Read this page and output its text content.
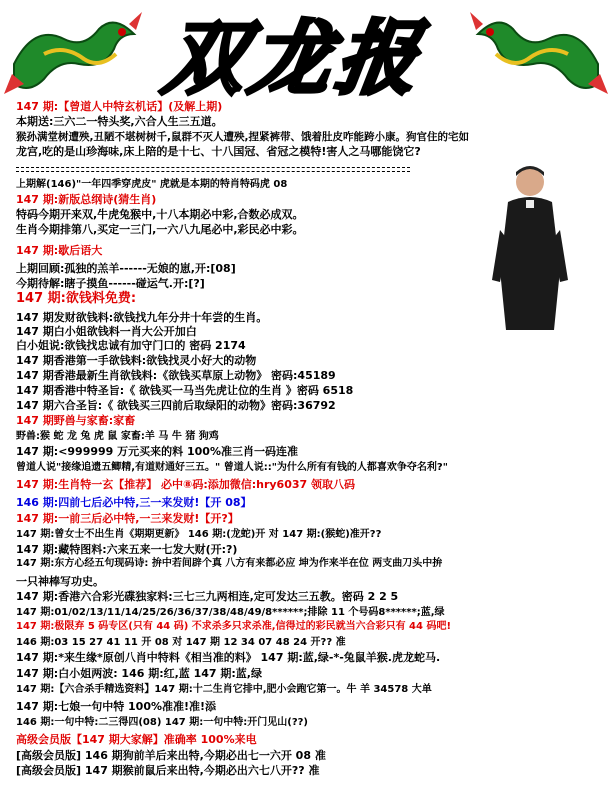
双龙报
147 期:【曾道人中特玄机话】(及解上期)
本期送:三六二一特头奖,六合人生三五道。
猴孙满堂树遭殃,丑陋不堪树树千,鼠群不灭人遭殃,捏紧裤带、饿着肚皮咋能跨小康。狗官住的宅如
龙宫,吃的是山珍海味,床上陪的是十七、十八国冠、省冠之模特!害人之马哪能饶它?
上期解(146)"一年四季穿虎皮" 虎就是本期的特肖特码虎 08
147 期:新版总纲诗(猜生肖)
特码今期开来双,牛虎兔猴中,十八本期必中彩,合数必成双。
生肖今期排第八,买定一三门,一六八九尾必中,彩民必中彩。
147 期:歇后语大
上期回顾:孤独的羔羊------无娘的崽,开:[08]
今期待解:瞎子摸鱼------碰运气.开:[?]
147 期:欲钱料免费:
147 期发财欲钱料:欲钱找九年分井十年尝的生肖。
147 期白小姐欲钱料一肖大公开加白
白小姐说:欲钱找忠诚有加守门口的 密码 2174
147 期香港第一手欲钱料:欲钱找灵小好大的动物
147 期香港最新生肖欲钱料:《欲钱买草原上动物》 密码:45189
147 期香港中特圣旨:《 欲钱买一马当先虎让位的生肖 》密码 6518
147 期六合圣旨:《 欲钱买三四前后取绿阳的动物》密码:36792
147 期野兽与家畜:家畜
野兽:猴 蛇 龙 兔 虎 鼠 家畜:羊 马 牛 猪 狗鸡
147 期:<999999 万元买来的料 100%准三肖一码连准
曾道人说"接缘追遗五鲫精,有道财通好三五。" 曾道人说::"为什么所有有钱的人都喜欢争夺名利?"
147 期:生肖特一玄【推荐】 必中⑧码:添加微信:hry6037 领取八码
146 期:四前七后必中特,三一来发财!【开 08】
147 期:一前三后必中特,一三来发财!【开?】
147 期:曾女士不出生肖《期期更新》 146 期:(龙蛇)开 对 147 期:(猴蛇)准开??
147 期:藏特图料:六来五来一七发大财(开:?)
147 期:东方心经五句现码诗: 拚中若间辟个真 八方有来都必应 坤为作来半在位 两支曲刀头中拚
一只神棒写功史。
147 期:香港六合彩光碟独家料:三七三九两相连,定可发达三五教。密码 2 2 5
147 期:01/02/13/11/14/25/26/36/37/38/48/49/8******;排除 11 个号码8******;蓝,绿
147 期:极限弃 5 码专区(只有 44 码) 不求杀多只求杀准,信得过的彩民就当六合彩只有 44 码吧!
146 期:03 15 27 41 11 开 08 对 147 期 12 34 07 48 24 开?? 准
147 期:*来生缘*原创八肖中特料《相当准的料》 147 期:蓝,绿-*-兔鼠羊猴.虎龙蛇马.
147 期:白小姐两波: 146 期:红,蓝 147 期:蓝,绿
147 期:【六合杀手精选资料】147 期:十二生肖它排中,肥小会跑它第一。牛 羊 34578 大单
147 期:七娘一句中特 100%准准!准!添
146 期:一句中特:二三得四(08) 147 期:一句中特:开门见山(??)
高级会员版【147 期大家解】准确率 100%来电
[高级会员版] 146 期狗前羊后来出特,今期必出七一六开 08 准
[高级会员版] 147 期猴前鼠后来出特,今期必出六七八开?? 准
